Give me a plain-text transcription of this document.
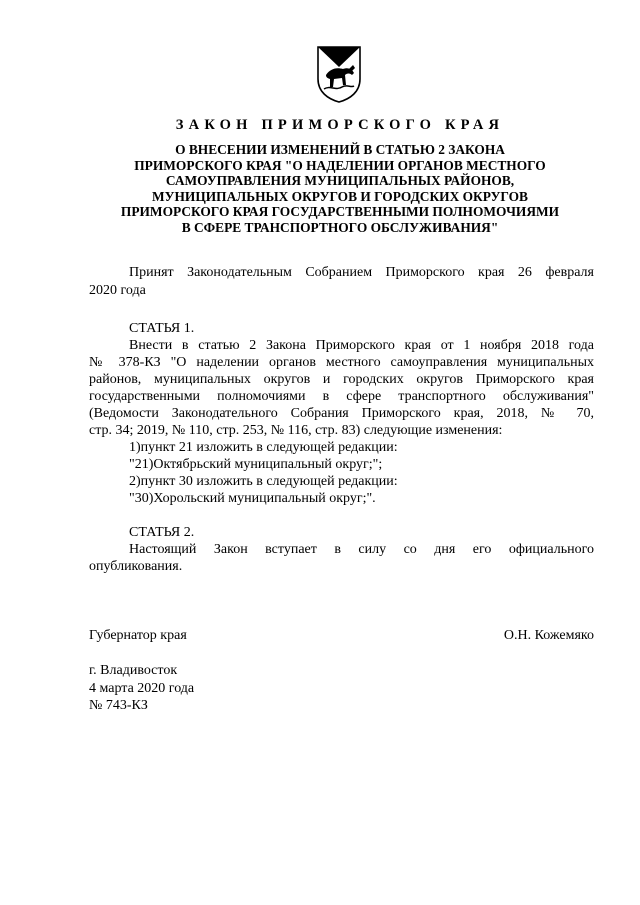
ЗАКОН ПРИМОРСКОГО КРАЯ
О ВНЕСЕНИИ ИЗМЕНЕНИЙ В СТАТЬЮ 2 ЗАКОНА
ПРИМОРСКОГО КРАЯ "О НАДЕЛЕНИИ ОРГАНОВ МЕСТНОГО
САМОУПРАВЛЕНИЯ МУНИЦИПАЛЬНЫХ РАЙОНОВ,
МУНИЦИПАЛЬНЫХ ОКРУГОВ И ГОРОДСКИХ ОКРУГОВ
ПРИМОРСКОГО КРАЯ ГОСУДАРСТВЕННЫМИ ПОЛНОМОЧИЯМИ
В СФЕРЕ ТРАНСПОРТНОГО ОБСЛУЖИВАНИЯ"

Принят Законодательным Собранием Приморского края 26 февраля

2020 года

СТАТЬЯ 1.

Внести в статью 2 Закона Приморского края от 1 ноября 2018 года

№ 378-КЗ "О наделении органов местного самоуправления муниципальных

районов, муниципальных округов и городских округов Приморского края

государственными полномочиями в сфере транспортного обслуживания"

(Ведомости Законодательного Собрания Приморского края, 2018, № 70,

стр. 34; 2019, № 110, стр. 253, № 116, стр. 83) следующие изменения:

1)пункт 21 изложить в следующей редакции:

"21)Октябрьский муниципальный округ;";

2)пункт 30 изложить в следующей редакции:

"30)Хорольский муниципальный округ;".

СТАТЬЯ 2.

Настоящий Закон вступает в силу со дня его официального

опубликования.

Губернатор края	О.Н. Кожемяко

г. Владивосток

4 марта 2020 года

№ 743-КЗ
